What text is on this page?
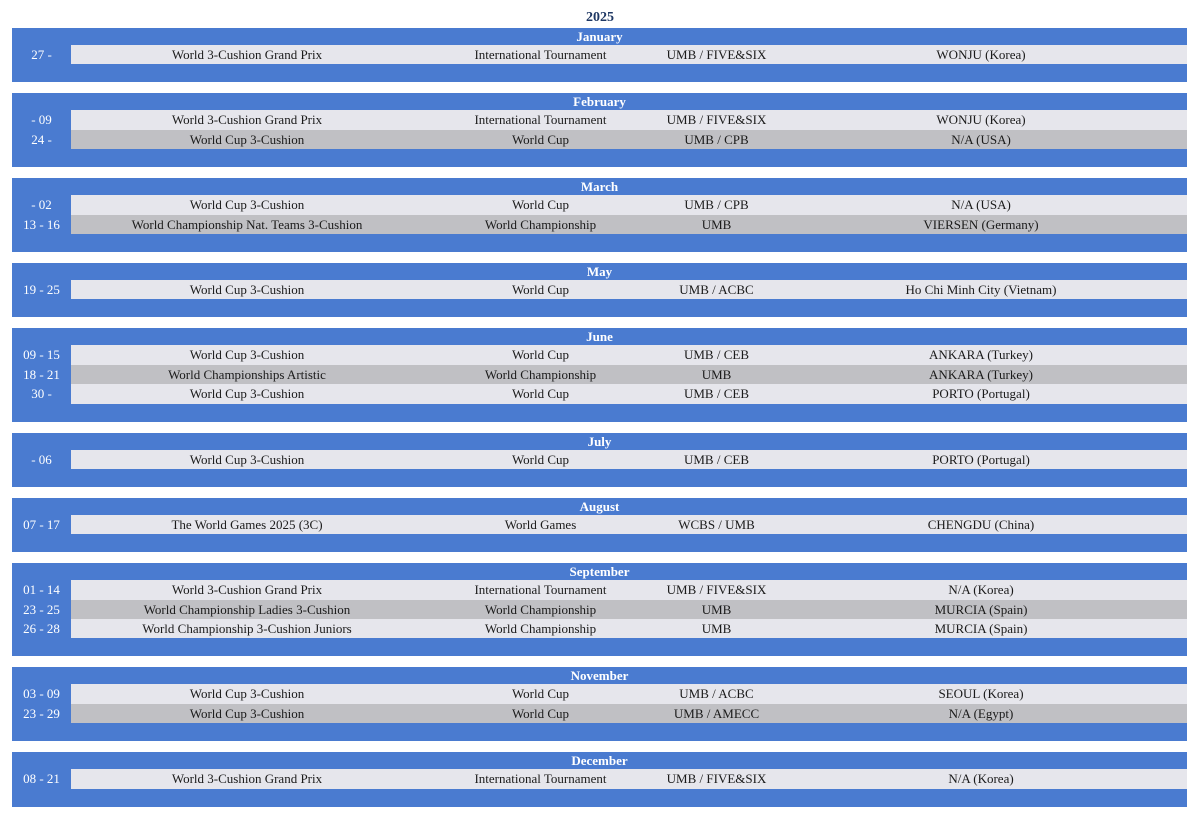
2025
January
27 -	World 3-Cushion Grand Prix	International Tournament	UMB / FIVE&SIX	WONJU (Korea)
February
- 09	World 3-Cushion Grand Prix	International Tournament	UMB / FIVE&SIX	WONJU (Korea)
24 -	World Cup 3-Cushion	World Cup	UMB / CPB	N/A (USA)
March
- 02	World Cup 3-Cushion	World Cup	UMB / CPB	N/A (USA)
13 - 16	World Championship Nat. Teams 3-Cushion	World Championship	UMB	VIERSEN (Germany)
May
19 - 25	World Cup 3-Cushion	World Cup	UMB / ACBC	Ho Chi Minh City (Vietnam)
June
09 - 15	World Cup 3-Cushion	World Cup	UMB / CEB	ANKARA (Turkey)
18 - 21	World Championships Artistic	World Championship	UMB	ANKARA (Turkey)
30 -	World Cup 3-Cushion	World Cup	UMB / CEB	PORTO (Portugal)
July
- 06	World Cup 3-Cushion	World Cup	UMB / CEB	PORTO (Portugal)
August
07 - 17	The World Games 2025 (3C)	World Games	WCBS / UMB	CHENGDU (China)
September
01 - 14	World 3-Cushion Grand Prix	International Tournament	UMB / FIVE&SIX	N/A (Korea)
23 - 25	World Championship Ladies 3-Cushion	World Championship	UMB	MURCIA (Spain)
26 - 28	World Championship 3-Cushion Juniors	World Championship	UMB	MURCIA (Spain)
November
03 - 09	World Cup 3-Cushion	World Cup	UMB / ACBC	SEOUL (Korea)
23 - 29	World Cup 3-Cushion	World Cup	UMB / AMECC	N/A (Egypt)
December
08 - 21	World 3-Cushion Grand Prix	International Tournament	UMB / FIVE&SIX	N/A (Korea)
